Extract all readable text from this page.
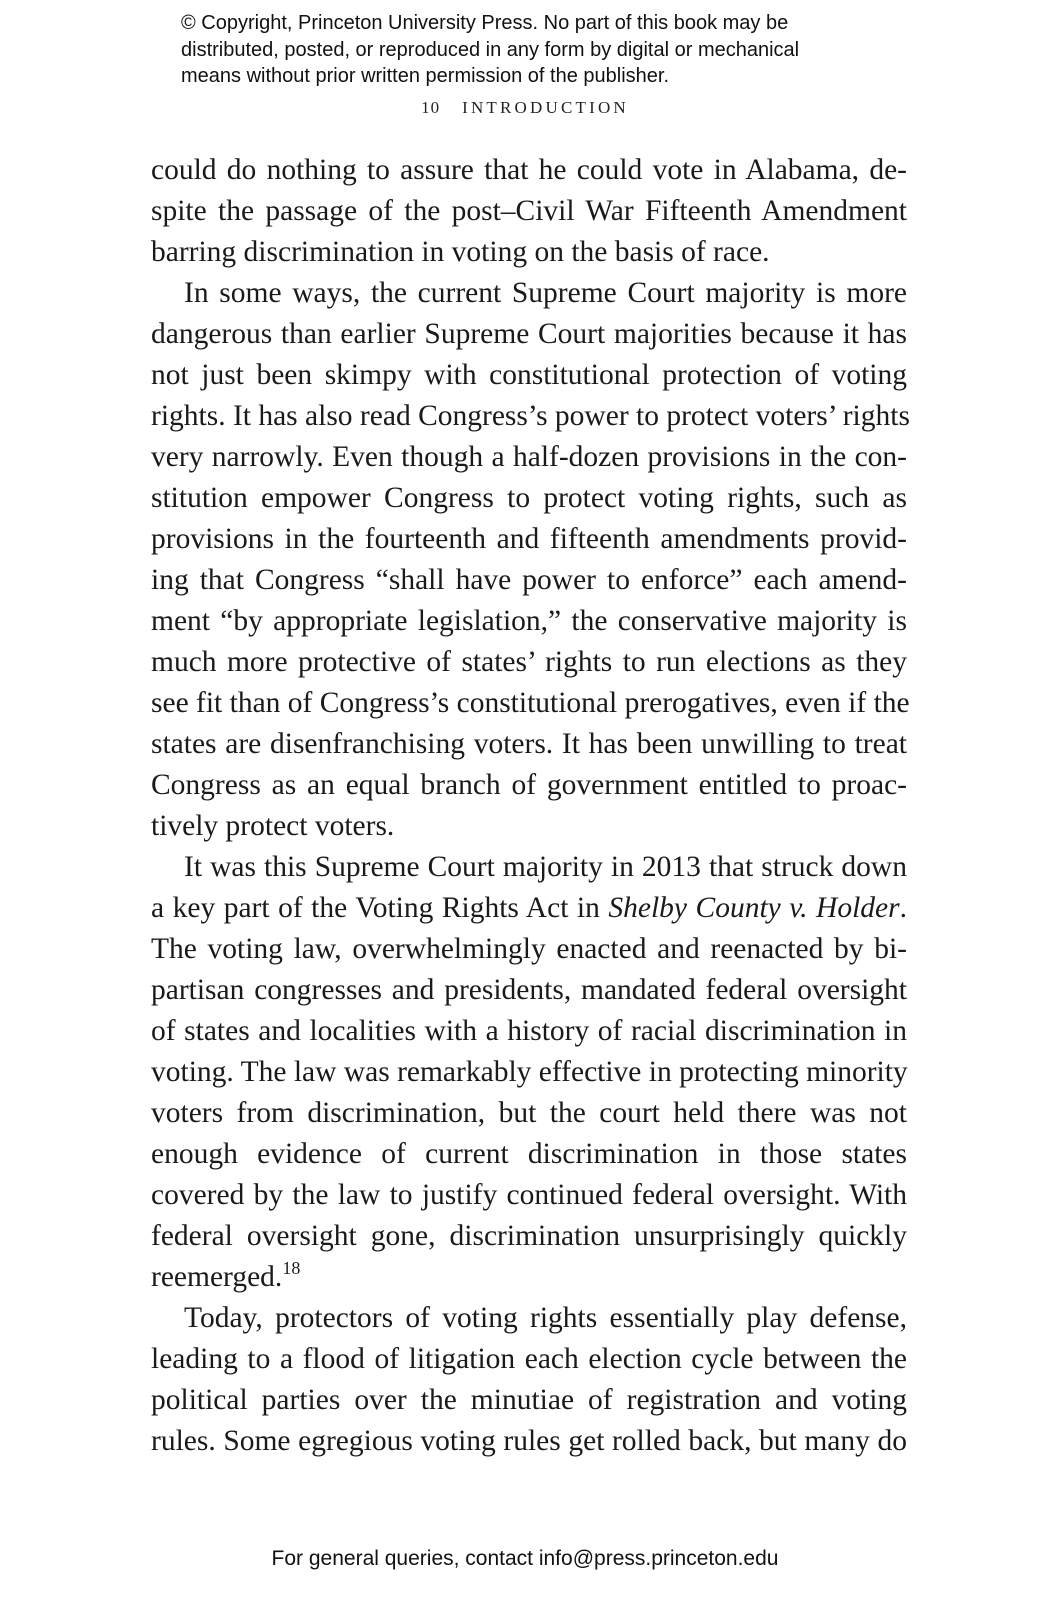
© Copyright, Princeton University Press. No part of this book may be
distributed, posted, or reproduced in any form by digital or mechanical
means without prior written permission of the publisher.
10 INTRODUCTION
could do nothing to assure that he could vote in Alabama, de-
spite the passage of the post–Civil War Fifteenth Amendment
barring discrimination in voting on the basis of race.
In some ways, the current Supreme Court majority is more
dangerous than earlier Supreme Court majorities because it has
not just been skimpy with constitutional protection of voting
rights. It has also read Congress’s power to protect voters’ rights
very narrowly. Even though a half-dozen provisions in the con-
stitution empower Congress to protect voting rights, such as
provisions in the fourteenth and fifteenth amendments provid-
ing that Congress “shall have power to enforce” each amend-
ment “by appropriate legislation,” the conservative majority is
much more protective of states’ rights to run elections as they
see fit than of Congress’s constitutional prerogatives, even if the
states are disenfranchising voters. It has been unwilling to treat
Congress as an equal branch of government entitled to proac-
tively protect voters.
It was this Supreme Court majority in 2013 that struck down
a key part of the Voting Rights Act in Shelby County v. Holder.
The voting law, overwhelmingly enacted and reenacted by bi-
partisan congresses and presidents, mandated federal oversight
of states and localities with a history of racial discrimination in
voting. The law was remarkably effective in protecting minority
voters from discrimination, but the court held there was not
enough evidence of current discrimination in those states
covered by the law to justify continued federal oversight. With
federal oversight gone, discrimination unsurprisingly quickly
reemerged.$^{18}$
Today, protectors of voting rights essentially play defense,
leading to a flood of litigation each election cycle between the
political parties over the minutiae of registration and voting
rules. Some egregious voting rules get rolled back, but many do
For general queries, contact info@press.princeton.edu
